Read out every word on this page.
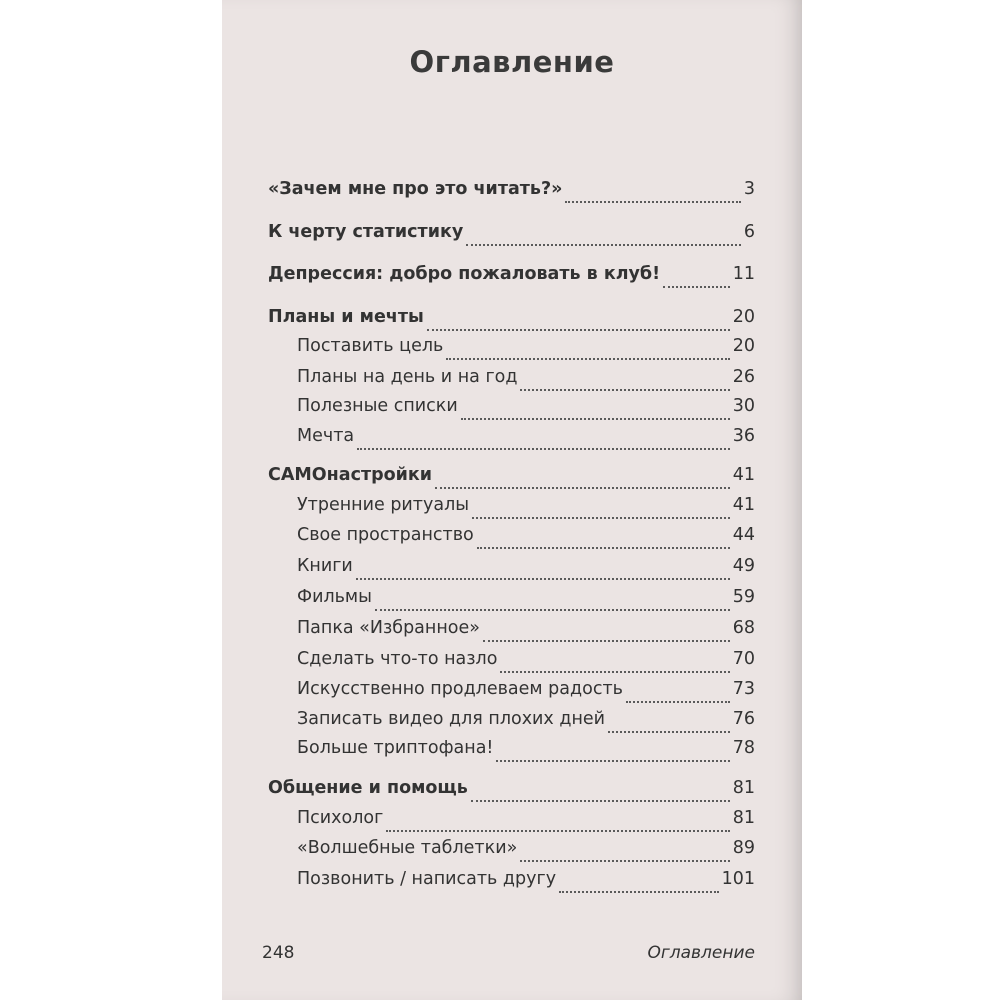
Оглавление
«Зачем мне про это читать?»	3
К черту статистику	6
Депрессия: добро пожаловать в клуб!	11
Планы и мечты	20
Поставить цель	20
Планы на день и на год	26
Полезные списки	30
Мечта	36
САМОнастройки	41
Утренние ритуалы	41
Свое пространство	44
Книги	49
Фильмы	59
Папка «Избранное»	68
Сделать что-то назло	70
Искусственно продлеваем радость	73
Записать видео для плохих дней	76
Больше триптофана!	78
Общение и помощь	81
Психолог	81
«Волшебные таблетки»	89
Позвонить / написать другу	101
248	Оглавление
